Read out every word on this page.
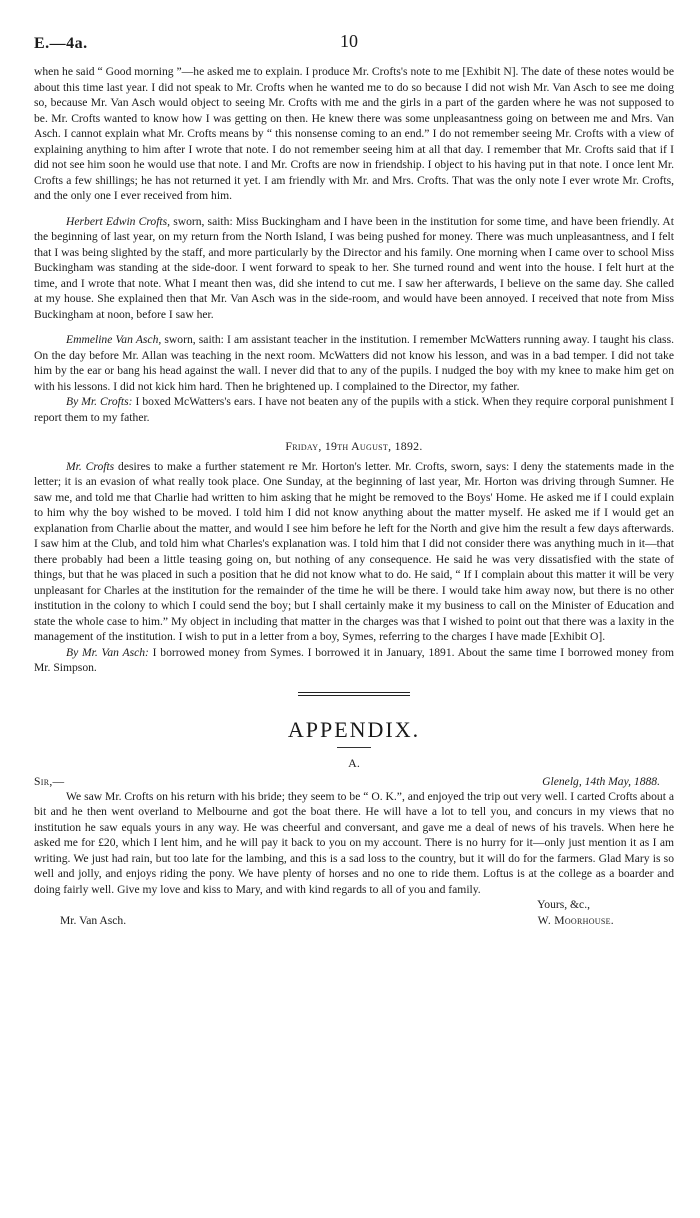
E.—4a.	10

when he said “ Good morning ”—he asked me to explain. I produce Mr. Crofts's note to me [Exhibit N]. The date of these notes would be about this time last year. I did not speak to Mr. Crofts when he wanted me to do so because I did not wish Mr. Van Asch to see me doing so, because Mr. Van Asch would object to seeing Mr. Crofts with me and the girls in a part of the garden where he was not supposed to be. Mr. Crofts wanted to know how I was getting on then. He knew there was some unpleasantness going on between me and Mrs. Van Asch. I cannot explain what Mr. Crofts means by “ this nonsense coming to an end.” I do not remember seeing Mr. Crofts with a view of explaining anything to him after I wrote that note. I do not remember seeing him at all that day. I remember that Mr. Crofts said that if I did not see him soon he would use that note. I and Mr. Crofts are now in friendship. I object to his having put in that note. I once lent Mr. Crofts a few shillings; he has not returned it yet. I am friendly with Mr. and Mrs. Crofts. That was the only note I ever wrote Mr. Crofts, and the only one I ever received from him.

Herbert Edwin Crofts, sworn, saith: Miss Buckingham and I have been in the institution for some time, and have been friendly. At the beginning of last year, on my return from the North Island, I was being pushed for money. There was much unpleasantness, and I felt that I was being slighted by the staff, and more particularly by the Director and his family. One morning when I came over to school Miss Buckingham was standing at the side-door. I went forward to speak to her. She turned round and went into the house. I felt hurt at the time, and I wrote that note. What I meant then was, did she intend to cut me. I saw her afterwards, I believe on the same day. She called at my house. She explained then that Mr. Van Asch was in the side-room, and would have been annoyed. I received that note from Miss Buckingham at noon, before I saw her.

Emmeline Van Asch, sworn, saith: I am assistant teacher in the institution. I remember McWatters running away. I taught his class. On the day before Mr. Allan was teaching in the next room. McWatters did not know his lesson, and was in a bad temper. I did not take him by the ear or bang his head against the wall. I never did that to any of the pupils. I nudged the boy with my knee to make him get on with his lessons. I did not kick him hard. Then he brightened up. I complained to the Director, my father.

By Mr. Crofts: I boxed McWatters's ears. I have not beaten any of the pupils with a stick. When they require corporal punishment I report them to my father.

Friday, 19th August, 1892.

Mr. Crofts desires to make a further statement re Mr. Horton's letter. Mr. Crofts, sworn, says: I deny the statements made in the letter; it is an evasion of what really took place. One Sunday, at the beginning of last year, Mr. Horton was driving through Sumner. He saw me, and told me that Charlie had written to him asking that he might be removed to the Boys' Home. He asked me if I could explain to him why the boy wished to be moved. I told him I did not know anything about the matter myself. He asked me if I would get an explanation from Charlie about the matter, and would I see him before he left for the North and give him the result a few days afterwards. I saw him at the Club, and told him what Charles's explanation was. I told him that I did not consider there was anything much in it—that there probably had been a little teasing going on, but nothing of any consequence. He said he was very dissatisfied with the state of things, but that he was placed in such a position that he did not know what to do. He said, “ If I complain about this matter it will be very unpleasant for Charles at the institution for the remainder of the time he will be there. I would take him away now, but there is no other institution in the colony to which I could send the boy; but I shall certainly make it my business to call on the Minister of Education and state the whole case to him.” My object in including that matter in the charges was that I wished to point out that there was a laxity in the management of the institution. I wish to put in a letter from a boy, Symes, referring to the charges I have made [Exhibit O].

By Mr. Van Asch: I borrowed money from Symes. I borrowed it in January, 1891. About the same time I borrowed money from Mr. Simpson.

APPENDIX.
A.
Sir,—	Glenelg, 14th May, 1888.

We saw Mr. Crofts on his return with his bride; they seem to be “ O. K.”, and enjoyed the trip out very well. I carted Crofts about a bit and he then went overland to Melbourne and got the boat there. He will have a lot to tell you, and concurs in my views that no institution he saw equals yours in any way. He was cheerful and conversant, and gave me a deal of news of his travels. When here he asked me for £20, which I lent him, and he will pay it back to you on my account. There is no hurry for it—only just mention it as I am writing. We just had rain, but too late for the lambing, and this is a sad loss to the country, but it will do for the farmers. Glad Mary is so well and jolly, and enjoys riding the pony. We have plenty of horses and no one to ride them. Loftus is at the college as a boarder and doing fairly well. Give my love and kiss to Mary, and with kind regards to all of you and family.

Yours, &c.,
Mr. Van Asch.	W. Moorhouse.
